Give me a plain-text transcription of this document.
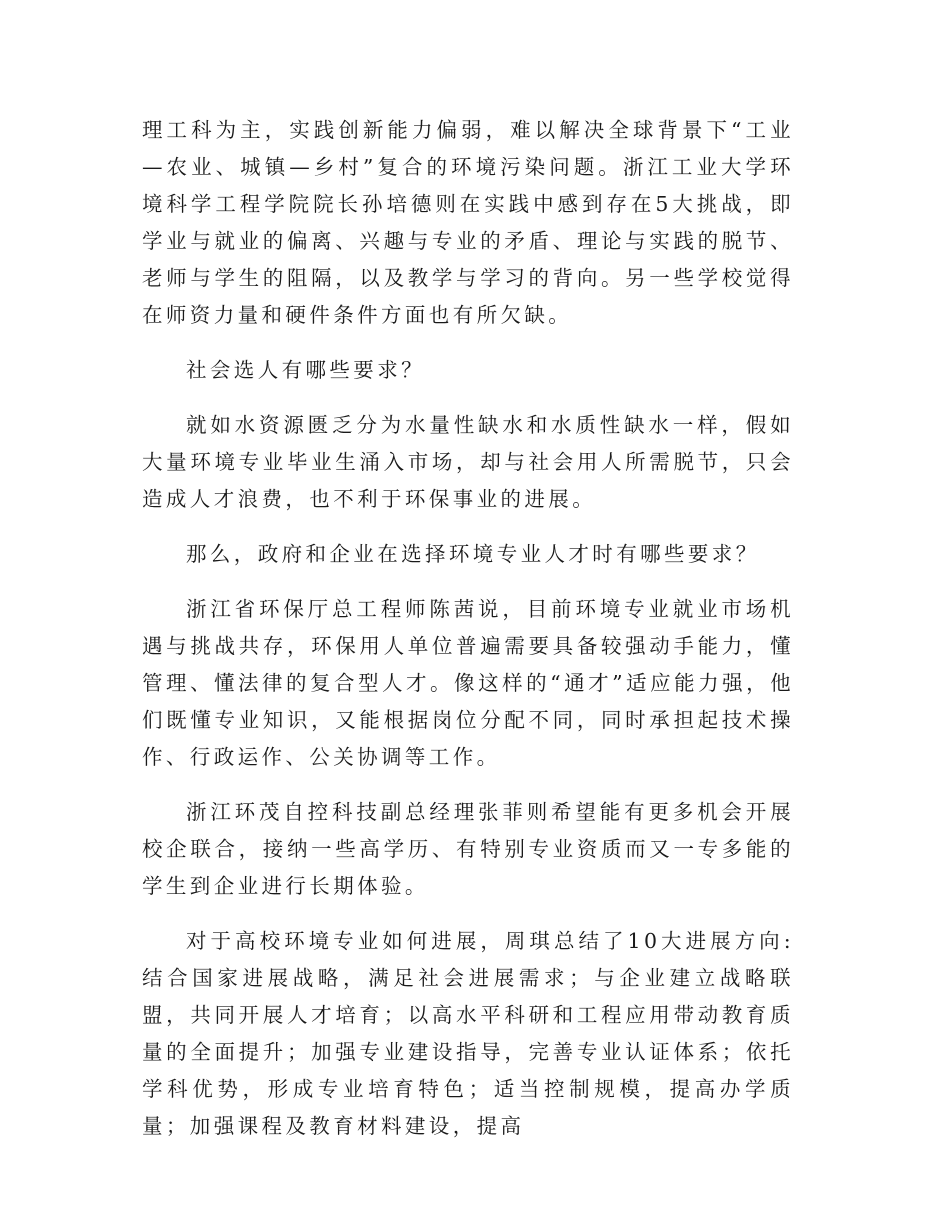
理工科为主，实践创新能力偏弱，难以解决全球背景下“工业—农业、城镇—乡村”复合的环境污染问题。浙江工业大学环境科学工程学院院长孙培德则在实践中感到存在5大挑战，即学业与就业的偏离、兴趣与专业的矛盾、理论与实践的脱节、老师与学生的阻隔，以及教学与学习的背向。另一些学校觉得在师资力量和硬件条件方面也有所欠缺。

社会选人有哪些要求？

就如水资源匮乏分为水量性缺水和水质性缺水一样，假如大量环境专业毕业生涌入市场，却与社会用人所需脱节，只会造成人才浪费，也不利于环保事业的进展。

那么，政府和企业在选择环境专业人才时有哪些要求？

浙江省环保厅总工程师陈茜说，目前环境专业就业市场机遇与挑战共存，环保用人单位普遍需要具备较强动手能力，懂管理、懂法律的复合型人才。像这样的“通才”适应能力强，他们既懂专业知识，又能根据岗位分配不同，同时承担起技术操作、行政运作、公关协调等工作。

浙江环茂自控科技副总经理张菲则希望能有更多机会开展校企联合，接纳一些高学历、有特别专业资质而又一专多能的学生到企业进行长期体验。

对于高校环境专业如何进展，周琪总结了10大进展方向:结合国家进展战略，满足社会进展需求；与企业建立战略联盟，共同开展人才培育；以高水平科研和工程应用带动教育质量的全面提升；加强专业建设指导，完善专业认证体系；依托学科优势，形成专业培育特色；适当控制规模，提高办学质量；加强课程及教育材料建设，提高
